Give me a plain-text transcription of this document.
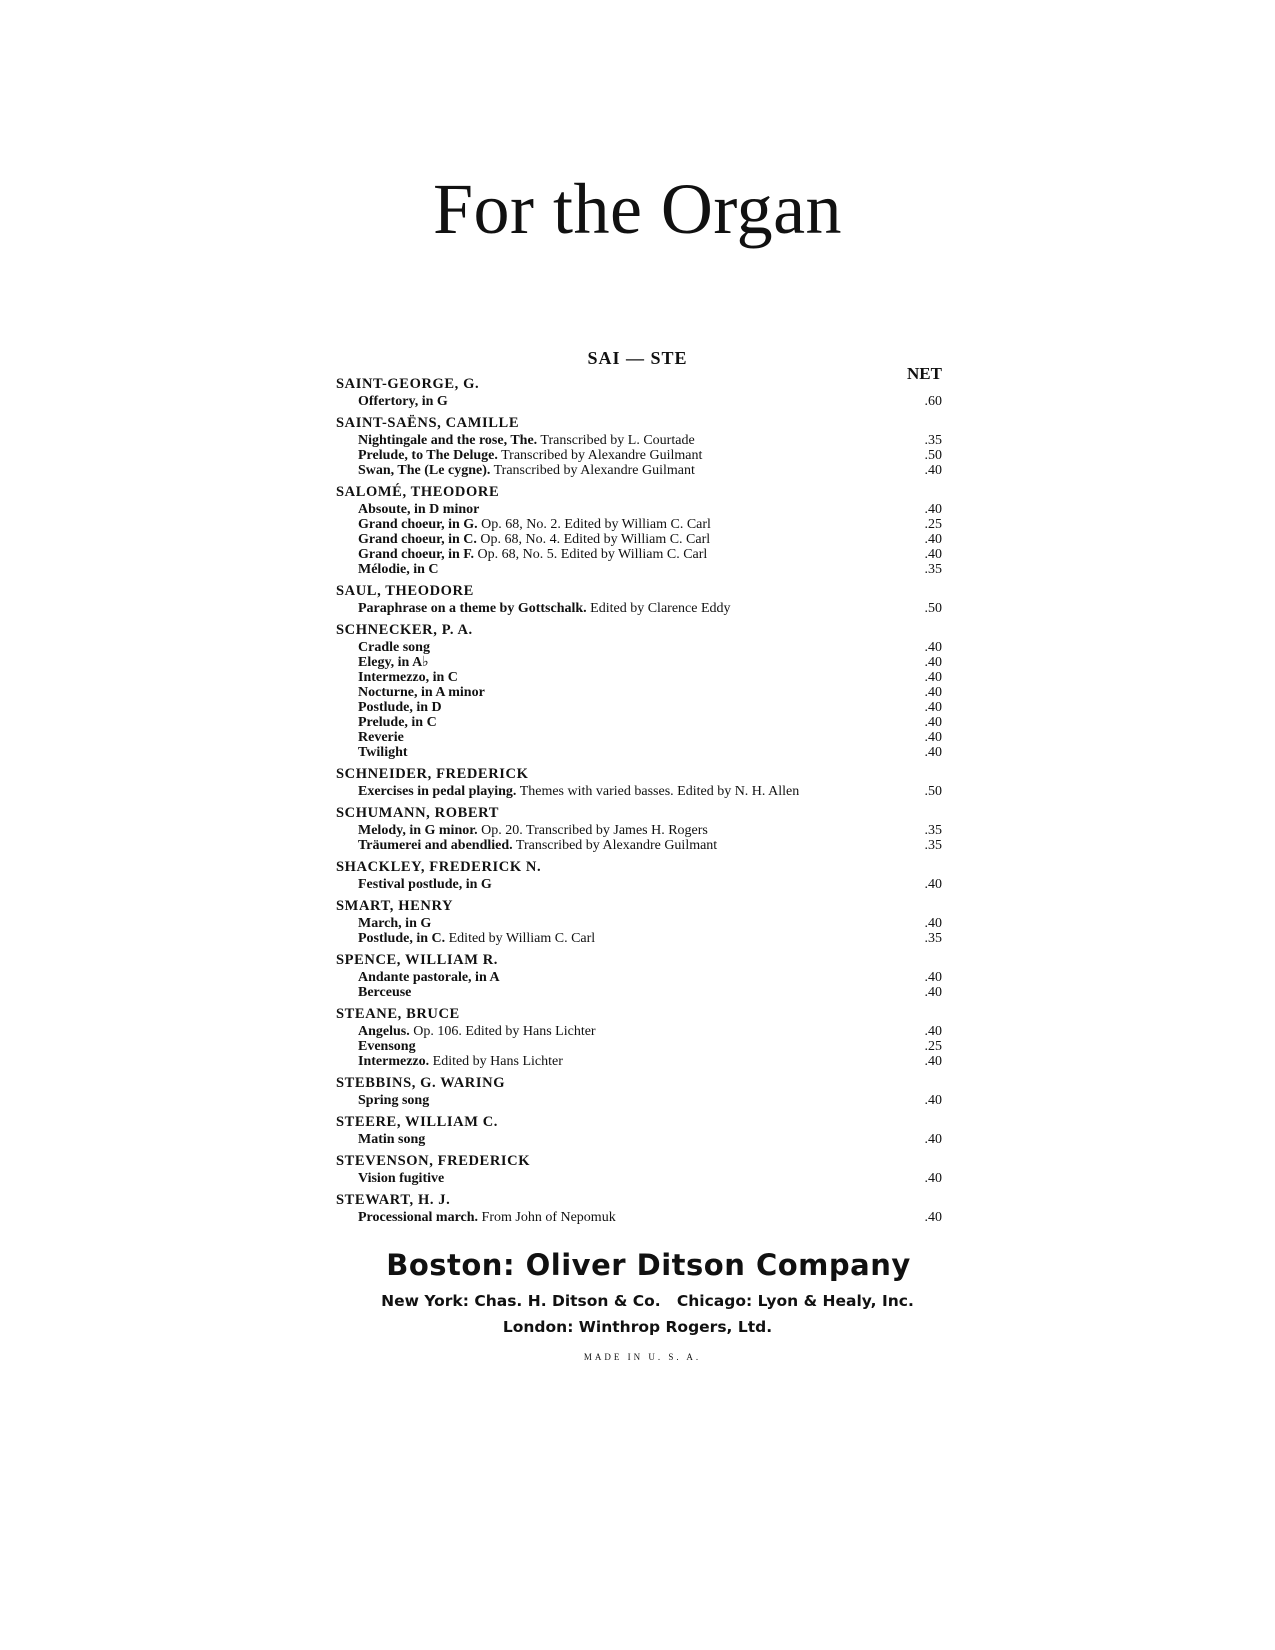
For the Organ
SAI — STE
NET
SAINT-GEORGE, G.
Offertory, in G	.60
SAINT-SAËNS, CAMILLE
Nightingale and the rose, The. Transcribed by L. Courtade	.35
Prelude, to The Deluge. Transcribed by Alexandre Guilmant	.50
Swan, The (Le cygne). Transcribed by Alexandre Guilmant	.40
SALOMÉ, THEODORE
Absoute, in D minor	.40
Grand choeur, in G. Op. 68, No. 2. Edited by William C. Carl	.25
Grand choeur, in C. Op. 68, No. 4. Edited by William C. Carl	.40
Grand choeur, in F. Op. 68, No. 5. Edited by William C. Carl	.40
Mélodie, in C	.35
SAUL, THEODORE
Paraphrase on a theme by Gottschalk. Edited by Clarence Eddy	.50
SCHNECKER, P. A.
Cradle song	.40
Elegy, in A♭	.40
Intermezzo, in C	.40
Nocturne, in A minor	.40
Postlude, in D	.40
Prelude, in C	.40
Reverie	.40
Twilight	.40
SCHNEIDER, FREDERICK
Exercises in pedal playing. Themes with varied basses. Edited by N. H. Allen	.50
SCHUMANN, ROBERT
Melody, in G minor. Op. 20. Transcribed by James H. Rogers	.35
Träumerei and abendlied. Transcribed by Alexandre Guilmant	.35
SHACKLEY, FREDERICK N.
Festival postlude, in G	.40
SMART, HENRY
March, in G	.40
Postlude, in C. Edited by William C. Carl	.35
SPENCE, WILLIAM R.
Andante pastorale, in A	.40
Berceuse	.40
STEANE, BRUCE
Angelus. Op. 106. Edited by Hans Lichter	.40
Evensong	.25
Intermezzo. Edited by Hans Lichter	.40
STEBBINS, G. WARING
Spring song	.40
STEERE, WILLIAM C.
Matin song	.40
STEVENSON, FREDERICK
Vision fugitive	.40
STEWART, H. J.
Processional march. From John of Nepomuk	.40
Boston: Oliver Ditson Company
New York: Chas. H. Ditson & Co.   Chicago: Lyon & Healy, Inc.
London: Winthrop Rogers, Ltd.
MADE IN U. S. A.
